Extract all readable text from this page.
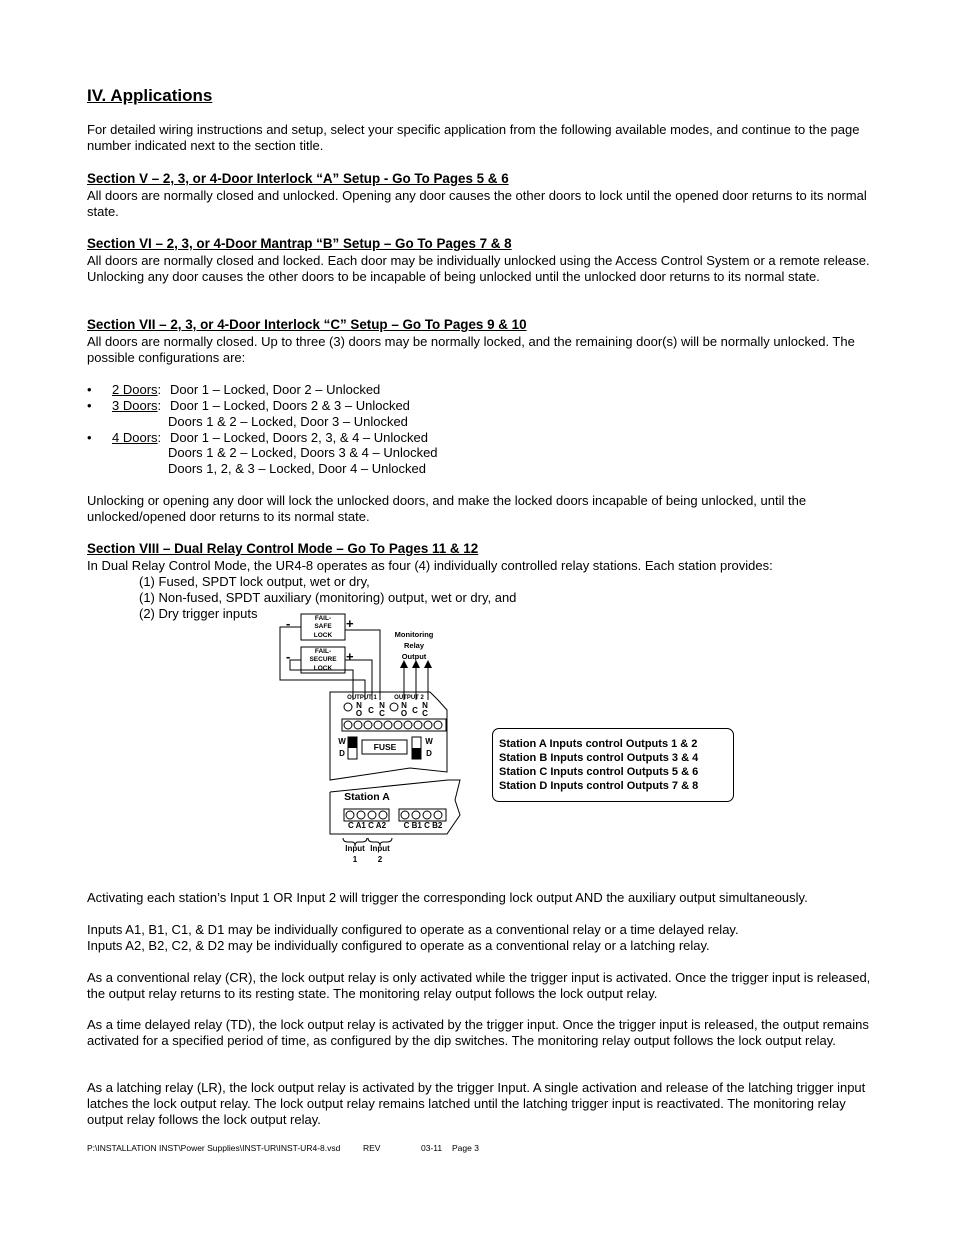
IV. Applications
For detailed wiring instructions and setup, select your specific application from the following available modes, and continue to the page number indicated next to the section title.
Section V – 2, 3, or 4-Door Interlock “A” Setup - Go To Pages 5 & 6
All doors are normally closed and unlocked. Opening any door causes the other doors to lock until the opened door returns to its normal state.
Section VI – 2, 3, or 4-Door Mantrap “B” Setup – Go To Pages 7 & 8
All doors are normally closed and locked. Each door may be individually unlocked using the Access Control System or a remote release. Unlocking any door causes the other doors to be incapable of being unlocked until the unlocked door returns to its normal state.
Section VII – 2, 3, or 4-Door Interlock “C” Setup – Go To Pages 9 & 10
All doors are normally closed. Up to three (3) doors may be normally locked, and the remaining door(s) will be normally unlocked. The possible configurations are:
• 2 Doors: Door 1 – Locked, Door 2 – Unlocked
• 3 Doors: Door 1 – Locked, Doors 2 & 3 – Unlocked
Doors 1 & 2 – Locked, Door 3 – Unlocked
• 4 Doors: Door 1 – Locked, Doors 2, 3, & 4 – Unlocked
Doors 1 & 2 – Locked, Doors 3 & 4 – Unlocked
Doors 1, 2, & 3 – Locked, Door 4 – Unlocked
Unlocking or opening any door will lock the unlocked doors, and make the locked doors incapable of being unlocked, until the unlocked/opened door returns to its normal state.
Section VIII – Dual Relay Control Mode – Go To Pages 11 & 12
In Dual Relay Control Mode, the UR4-8 operates as four (4) individually controlled relay stations. Each station provides:
(1) Fused, SPDT lock output, wet or dry,
(1) Non-fused, SPDT auxiliary (monitoring) output, wet or dry, and
(2) Dry trigger inputs	FAIL-
SAFE
LOCK
FAIL-
SECURE
LOCK
Monitoring
Relay
Output
OUTPUT 1	OUTPUT 2
N
O C
N
C
N
O C
N
C
FUSE
W
D
W
D
Station A
C A1 C A2 C B1 C B2
Input
1
Input
2
-	+
-	+
Station A Inputs control Outputs 1 & 2
Station B Inputs control Outputs 3 & 4
Station C Inputs control Outputs 5 & 6
Station D Inputs control Outputs 7 & 8
Activating each station’s Input 1 OR Input 2 will trigger the corresponding lock output AND the auxiliary output simultaneously.
Inputs A1, B1, C1, & D1 may be individually configured to operate as a conventional relay or a time delayed relay.
Inputs A2, B2, C2, & D2 may be individually configured to operate as a conventional relay or a latching relay.
As a conventional relay (CR), the lock output relay is only activated while the trigger input is activated. Once the trigger input is released, the output relay returns to its resting state. The monitoring relay output follows the lock output relay.
As a time delayed relay (TD), the lock output relay is activated by the trigger input. Once the trigger input is released, the output remains activated for a specified period of time, as configured by the dip switches. The monitoring relay output follows the lock output relay.
As a latching relay (LR), the lock output relay is activated by the trigger Input. A single activation and release of the latching trigger input latches the lock output relay. The lock output relay remains latched until the latching trigger input is reactivated. The monitoring relay output relay follows the lock output relay.
P:\INSTALLATION INST\Power Supplies\INST-UR\INST-UR4-8.vsd	REV	03-11 Page 3
